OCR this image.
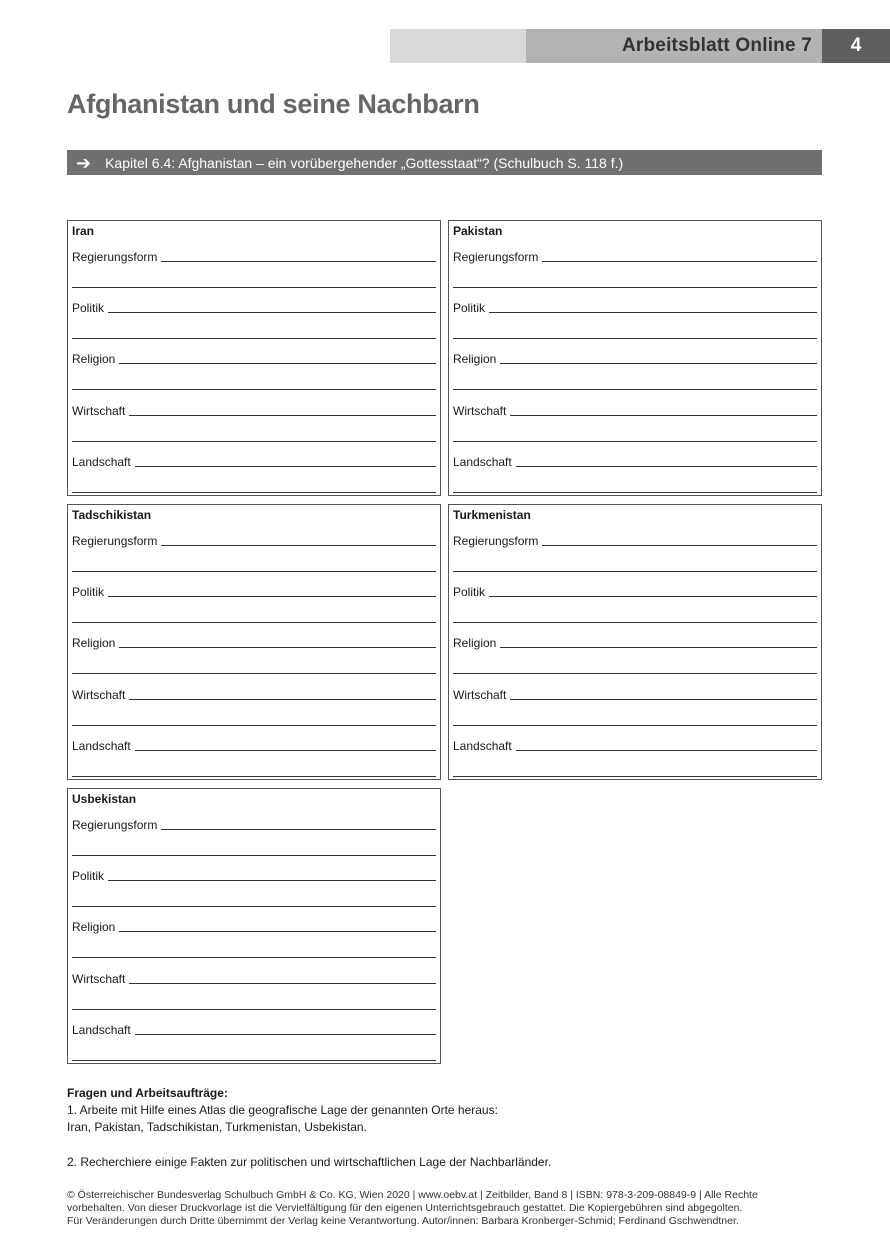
Arbeitsblatt Online 7 4
Afghanistan und seine Nachbarn
➔ Kapitel 6.4: Afghanistan – ein vorübergehender „Gottesstaat“? (Schulbuch S. 118 f.)
Iran
Regierungsform
Politik
Religion
Wirtschaft
Landschaft
Pakistan
Regierungsform
Politik
Religion
Wirtschaft
Landschaft
Tadschikistan
Regierungsform
Politik
Religion
Wirtschaft
Landschaft
Turkmenistan
Regierungsform
Politik
Religion
Wirtschaft
Landschaft
Usbekistan
Regierungsform
Politik
Religion
Wirtschaft
Landschaft
Fragen und Arbeitsaufträge:
1. Arbeite mit Hilfe eines Atlas die geografische Lage der genannten Orte heraus:
Iran, Pakistan, Tadschikistan, Turkmenistan, Usbekistan.
2. Recherchiere einige Fakten zur politischen und wirtschaftlichen Lage der Nachbarländer.
© Österreichischer Bundesverlag Schulbuch GmbH & Co. KG, Wien 2020 | www.oebv.at | Zeitbilder, Band 8 | ISBN: 978-3-209-08849-9 | Alle Rechte
vorbehalten. Von dieser Druckvorlage ist die Vervielfältigung für den eigenen Unterrichtsgebrauch gestattet. Die Kopiergebühren sind abgegolten.
Für Veränderungen durch Dritte übernimmt der Verlag keine Verantwortung. Autor/innen: Barbara Kronberger-Schmid; Ferdinand Gschwendtner.
